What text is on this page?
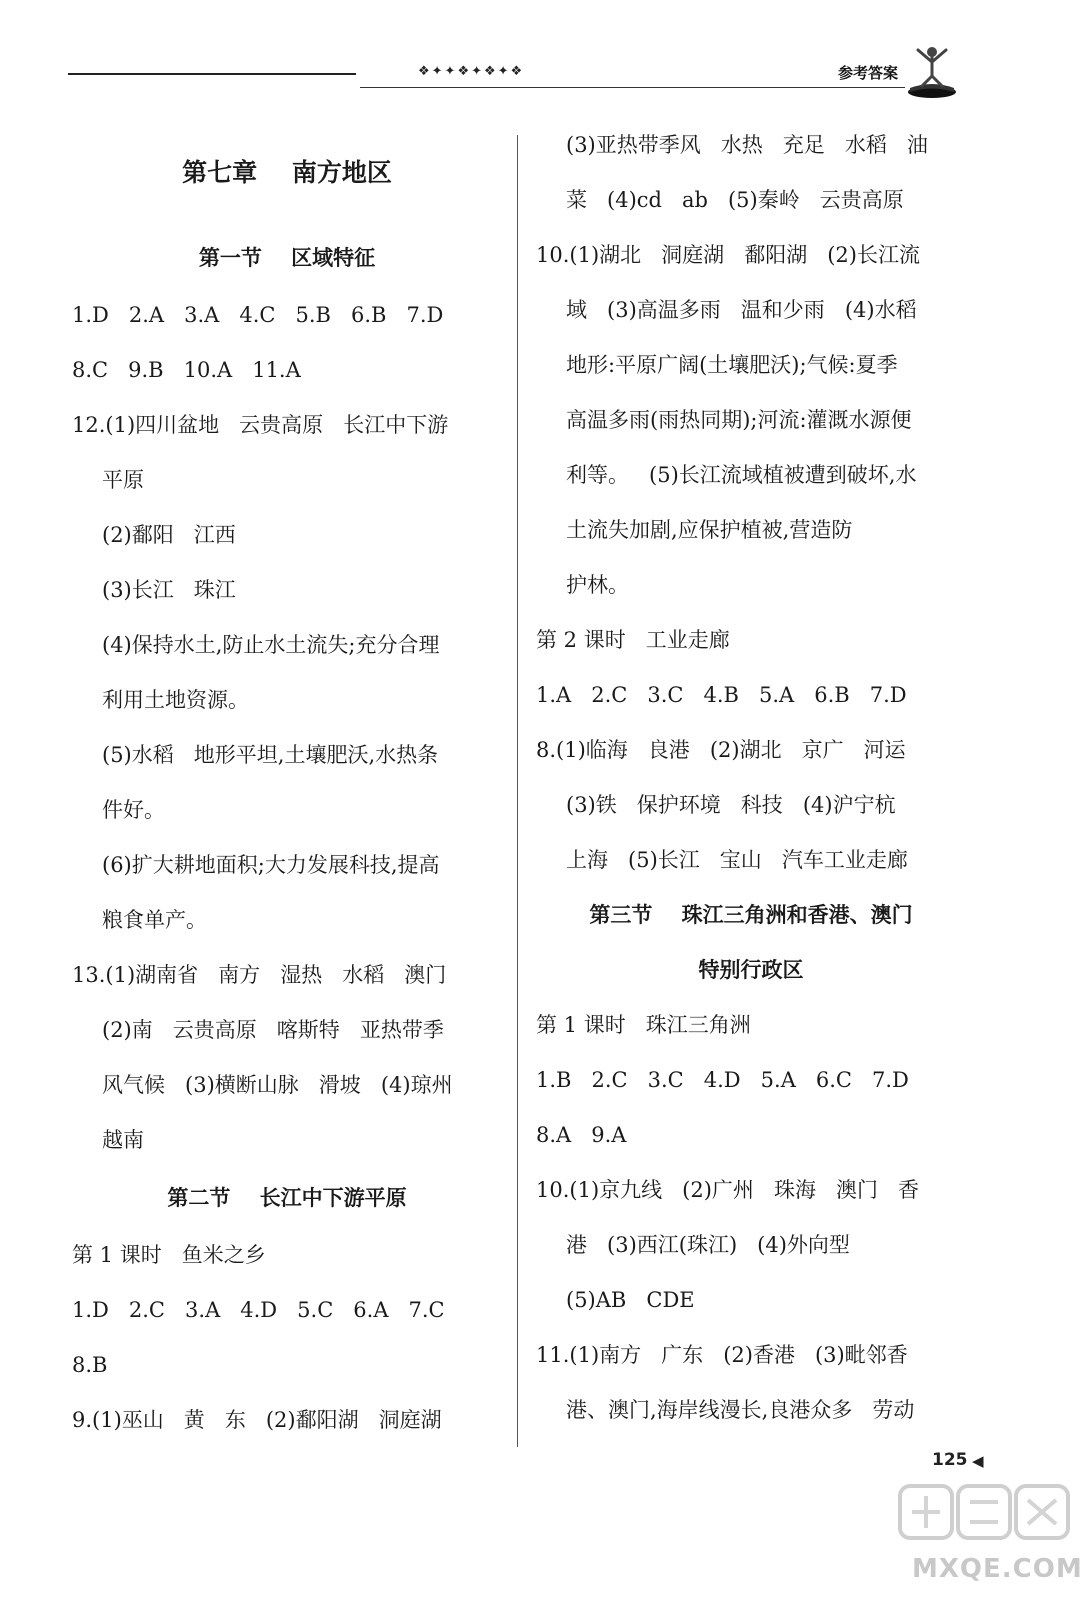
❖✦✦❖✦❖✦❖	参考答案
第七章    南方地区
第一节    区域特征
1.D   2.A   3.A   4.C   5.B   6.B   7.D
8.C   9.B   10.A   11.A
12.(1)四川盆地   云贵高原   长江中下游
平原
(2)鄱阳   江西
(3)长江   珠江
(4)保持水土,防止水土流失;充分合理
利用土地资源。
(5)水稻   地形平坦,土壤肥沃,水热条
件好。
(6)扩大耕地面积;大力发展科技,提高
粮食单产。
13.(1)湖南省   南方   湿热   水稻   澳门
(2)南   云贵高原   喀斯特   亚热带季
风气候   (3)横断山脉   滑坡   (4)琼州
越南
第二节    长江中下游平原
第 1 课时   鱼米之乡
1.D   2.C   3.A   4.D   5.C   6.A   7.C
8.B
9.(1)巫山   黄   东   (2)鄱阳湖   洞庭湖
(3)亚热带季风   水热   充足   水稻   油
菜   (4)cd   ab   (5)秦岭   云贵高原
10.(1)湖北   洞庭湖   鄱阳湖   (2)长江流
域   (3)高温多雨   温和少雨   (4)水稻
地形:平原广阔(土壤肥沃);气候:夏季
高温多雨(雨热同期);河流:灌溉水源便
利等。   (5)长江流域植被遭到破坏,水
土流失加剧,应保护植被,营造防
护林。
第 2 课时   工业走廊
1.A   2.C   3.C   4.B   5.A   6.B   7.D
8.(1)临海   良港   (2)湖北   京广   河运
(3)铁   保护环境   科技   (4)沪宁杭
上海   (5)长江   宝山   汽车工业走廊
第三节    珠江三角洲和香港、澳门
特别行政区
第 1 课时   珠江三角洲
1.B   2.C   3.C   4.D   5.A   6.C   7.D
8.A   9.A
10.(1)京九线   (2)广州   珠海   澳门   香
港   (3)西江(珠江)   (4)外向型
(5)AB   CDE
11.(1)南方   广东   (2)香港   (3)毗邻香
港、澳门,海岸线漫长,良港众多   劳动
125 ◀
MXQE.COM
